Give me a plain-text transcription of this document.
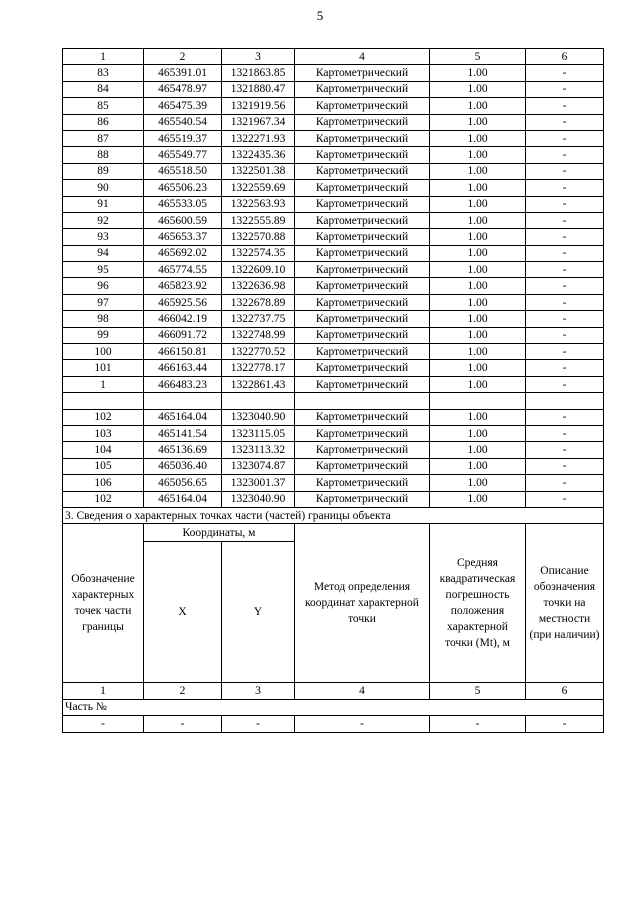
5
1	2	3	4	5	6
83	465391.01	1321863.85	Картометрический	1.00	-
84	465478.97	1321880.47	Картометрический	1.00	-
85	465475.39	1321919.56	Картометрический	1.00	-
86	465540.54	1321967.34	Картометрический	1.00	-
87	465519.37	1322271.93	Картометрический	1.00	-
88	465549.77	1322435.36	Картометрический	1.00	-
89	465518.50	1322501.38	Картометрический	1.00	-
90	465506.23	1322559.69	Картометрический	1.00	-
91	465533.05	1322563.93	Картометрический	1.00	-
92	465600.59	1322555.89	Картометрический	1.00	-
93	465653.37	1322570.88	Картометрический	1.00	-
94	465692.02	1322574.35	Картометрический	1.00	-
95	465774.55	1322609.10	Картометрический	1.00	-
96	465823.92	1322636.98	Картометрический	1.00	-
97	465925.56	1322678.89	Картометрический	1.00	-
98	466042.19	1322737.75	Картометрический	1.00	-
99	466091.72	1322748.99	Картометрический	1.00	-
100	466150.81	1322770.52	Картометрический	1.00	-
101	466163.44	1322778.17	Картометрический	1.00	-
1	466483.23	1322861.43	Картометрический	1.00	-

102	465164.04	1323040.90	Картометрический	1.00	-
103	465141.54	1323115.05	Картометрический	1.00	-
104	465136.69	1323113.32	Картометрический	1.00	-
105	465036.40	1323074.87	Картометрический	1.00	-
106	465056.65	1323001.37	Картометрический	1.00	-
102	465164.04	1323040.90	Картометрический	1.00	-
3. Сведения о характерных точках части (частей) границы объекта					
Обозначение характерных точек части границы	Координаты, м		Метод определения координат характерной точки	Средняя квадратическая погрешность положения характерной точки (Mt), м	Описание обозначения точки на местности (при наличии)
	X	Y			
1	2	3	4	5	6
Часть №					
-	-	-	-	-	-
